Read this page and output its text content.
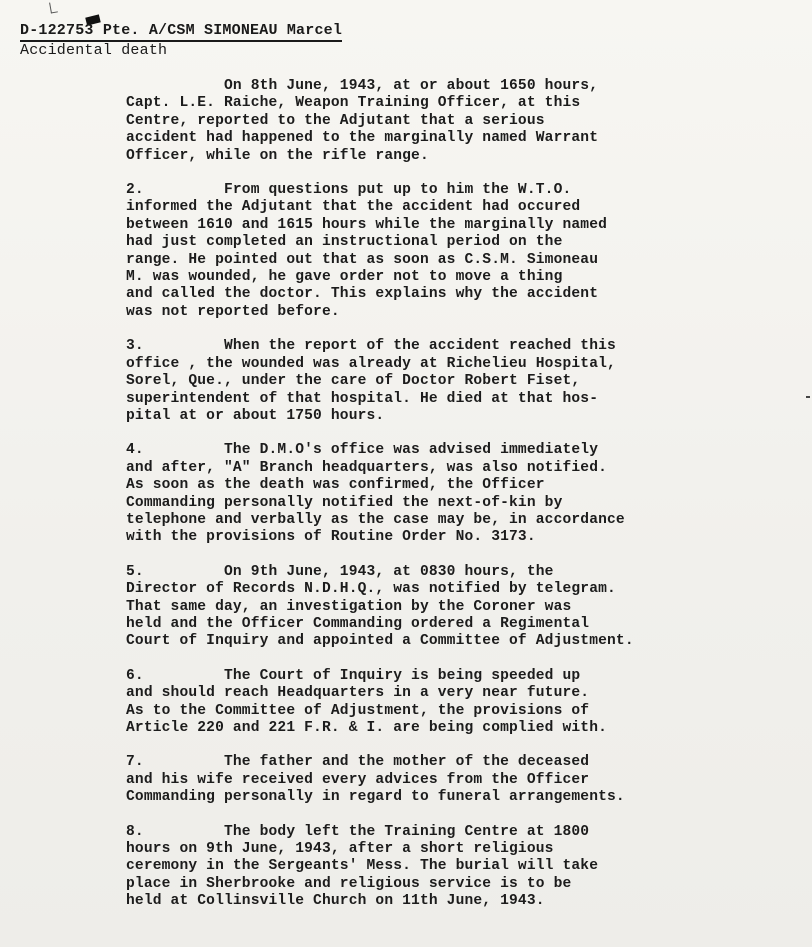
D-122753 Pte. A/CSM SIMONEAU Marcel
Accidental death

On 8th June, 1943, at or about 1650 hours,
Capt. L.E. Raiche, Weapon Training Officer, at this
Centre, reported to the Adjutant that a serious
accident had happened to the marginally named Warrant
Officer, while on the rifle range.

2.         From questions put up to him the W.T.O.
informed the Adjutant that the accident had occured
between 1610 and 1615 hours while the marginally named
had just completed an instructional period on the
range. He pointed out that as soon as C.S.M. Simoneau
M. was wounded, he gave order not to move a thing
and called the doctor. This explains why the accident
was not reported before.

3.         When the report of the accident reached this
office , the wounded was already at Richelieu Hospital,
Sorel, Que., under the care of Doctor Robert Fiset,
superintendent of that hospital. He died at that hos-
pital at or about 1750 hours.

4.         The D.M.O's office was advised immediately
and after, "A" Branch headquarters, was also notified.
As soon as the death was confirmed, the Officer
Commanding personally notified the next-of-kin by
telephone and verbally as the case may be, in accordance
with the provisions of Routine Order No. 3173.

5.         On 9th June, 1943, at 0830 hours, the
Director of Records N.D.H.Q., was notified by telegram.
That same day, an investigation by the Coroner was
held and the Officer Commanding ordered a Regimental
Court of Inquiry and appointed a Committee of Adjustment.

6.         The Court of Inquiry is being speeded up
and should reach Headquarters in a very near future.
As to the Committee of Adjustment, the provisions of
Article 220 and 221 F.R. & I. are being complied with.

7.         The father and the mother of the deceased
and his wife received every advices from the Officer
Commanding personally in regard to funeral arrangements.

8.         The body left the Training Centre at 1800
hours on 9th June, 1943, after a short religious
ceremony in the Sergeants' Mess. The burial will take
place in Sherbrooke and religious service is to be
held at Collinsville Church on 11th June, 1943.
